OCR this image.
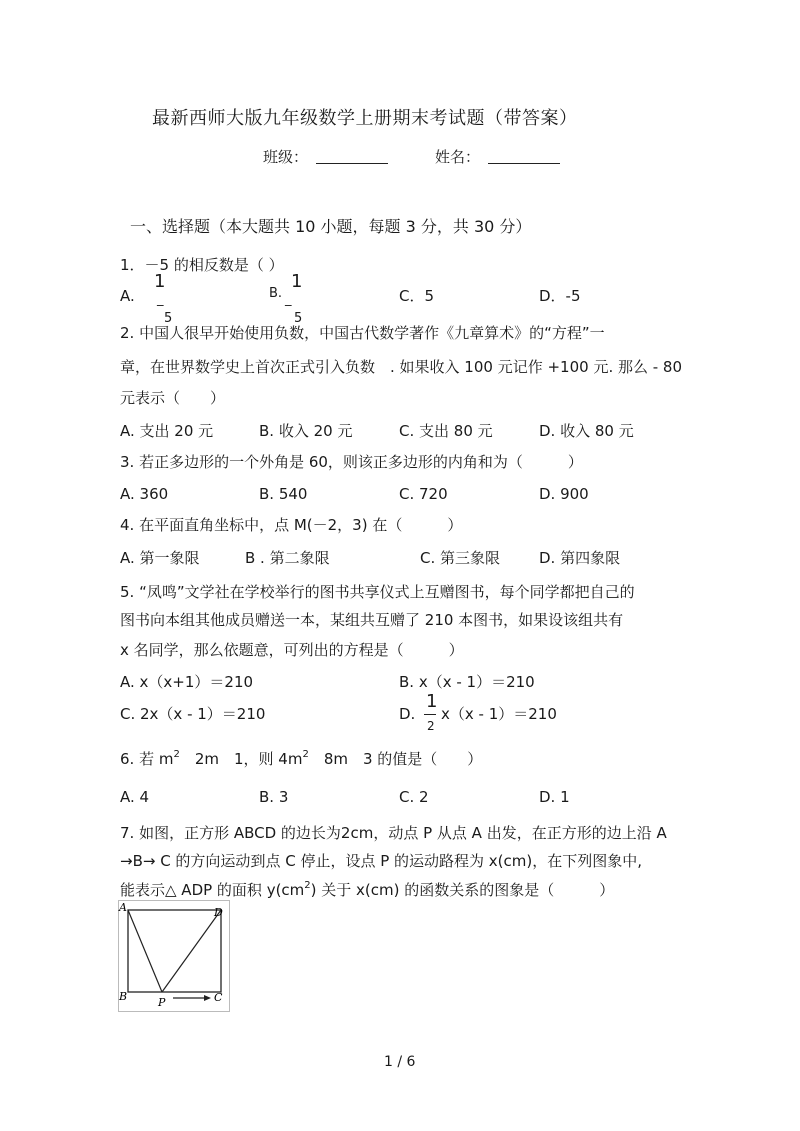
最新西师大版九年级数学上册期末考试题（带答案）
班级：	姓名：
一、选择题（本大题共 10 小题，每题 3 分，共 30 分）
1．－5 的相反数是（ ）
A.
1
_
5
B.
1
_
5
C．5	D．-5
2. 中国人很早开始使用负数，中国古代数学著作《九章算术》的“方程”一
章，在世界数学史上首次正式引入负数　. 如果收入 100 元记作 +100 元. 那么 - 80
元表示（　　）
A. 支出 20 元	B. 收入 20 元	C. 支出 80 元	D. 收入 80 元
3. 若正多边形的一个外角是 60，则该正多边形的内角和为（　　　）
A. 360	B. 540	C. 720	D. 900
4. 在平面直角坐标中，点 M(－2，3) 在（　　　）
A. 第一象限	B . 第二象限	C. 第三象限	D. 第四象限
5. “凤鸣”文学社在学校举行的图书共享仪式上互赠图书，每个同学都把自己的
图书向本组其他成员赠送一本，某组共互赠了 210 本图书，如果设该组共有
x 名同学，那么依题意，可列出的方程是（　　　）
A. x（x+1）＝210	B. x（x - 1）＝210
C. 2x（x - 1）＝210	D.
1
2
x（x - 1）＝210
6. 若 $m^2$　2m　1，则 $4m^2$　8m　3 的值是（　　）
A. 4	B. 3	C. 2	D. 1
7. 如图，正方形 ABCD 的边长为2cm，动点 P 从点 A 出发，在正方形的边上沿 A
→B→ C 的方向运动到点 C 停止，设点 P 的运动路程为 x(cm)，在下列图象中,
能表示△ ADP 的面积 $y(cm^2)$ 关于 x(cm) 的函数关系的图象是（　　　）
A	D
B	P	C
1 / 6
